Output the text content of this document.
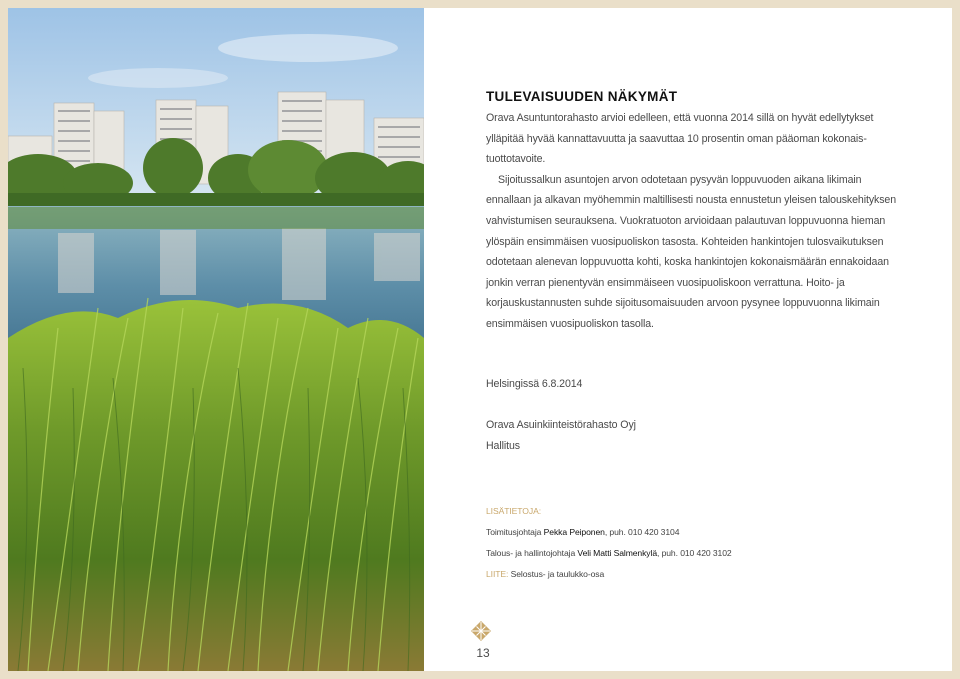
TULEVAISUUDEN NÄKYMÄT

Orava Asuntuntorahasto arvioi edelleen, että vuonna 2014 sillä on hyvät edellytykset ylläpitää hyvää kannattavuutta ja saavuttaa 10 prosentin oman pääoman kokonais-tuottotavoite.

Sijoitussalkun asuntojen arvon odotetaan pysyvän loppuvuoden aikana likimain ennallaan ja alkavan myöhemmin maltillisesti nousta ennustetun yleisen talouskehityksen vahvistumisen seurauksena. Vuokratuoton arvioidaan palautuvan loppuvuonna hieman ylöspäin ensimmäisen vuosipuoliskon tasosta. Kohteiden hankintojen tulosvaikutuksen odotetaan alenevan loppuvuotta kohti, koska hankintojen kokonaismäärän ennakoidaan jonkin verran pienentyvän ensimmäiseen vuosipuoliskoon verrattuna. Hoito- ja korjauskustannusten suhde sijoitusomaisuuden arvoon pysynee loppuvuonna likimain ensimmäisen vuosipuoliskon tasolla.

Helsingissä 6.8.2014
Orava Asuinkiinteistörahasto Oyj
Hallitus
LISÄTIETOJA:
Toimitusjohtaja Pekka Peiponen, puh. 010 420 3104
Talous- ja hallintojohtaja Veli Matti Salmenkylä, puh. 010 420 3102
LIITE: Selostus- ja taulukko-osa
13
